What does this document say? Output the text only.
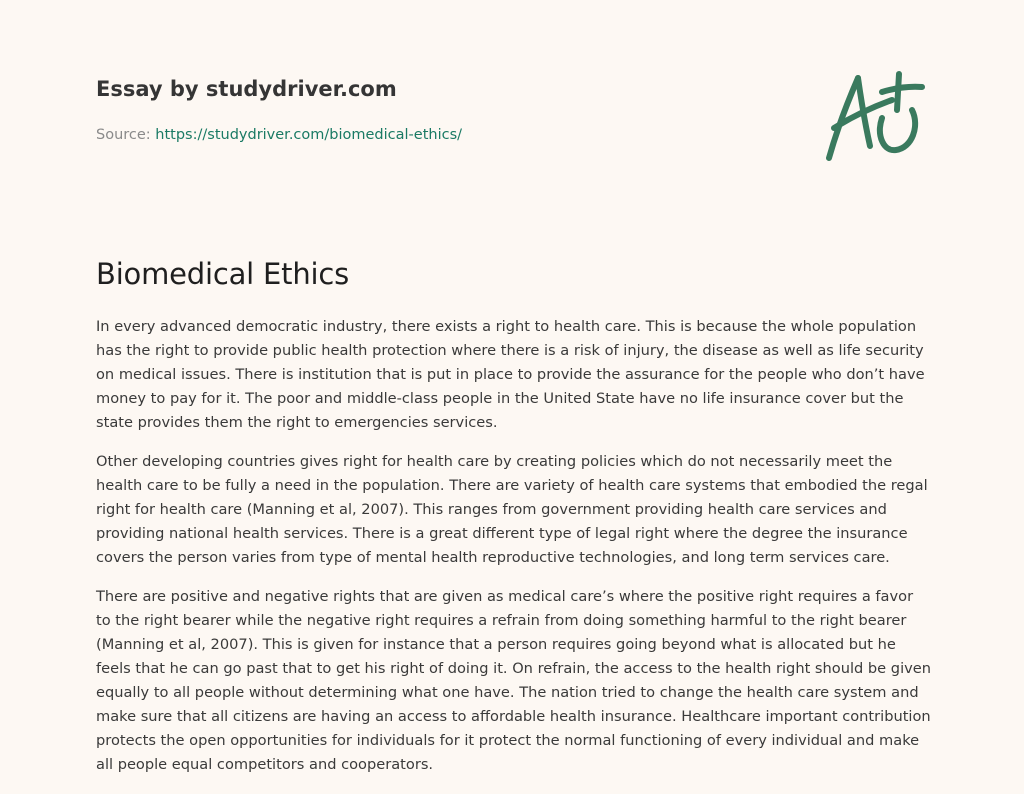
Essay by studydriver.com
Source: https://studydriver.com/biomedical-ethics/
Biomedical Ethics

In every advanced democratic industry, there exists a right to health care. This is because the whole population has the right to provide public health protection where there is a risk of injury, the disease as well as life security on medical issues. There is institution that is put in place to provide the assurance for the people who don’t have money to pay for it. The poor and middle-class people in the United State have no life insurance cover but the state provides them the right to emergencies services.

Other developing countries gives right for health care by creating policies which do not necessarily meet the health care to be fully a need in the population. There are variety of health care systems that embodied the regal right for health care (Manning et al, 2007). This ranges from government providing health care services and providing national health services. There is a great different type of legal right where the degree the insurance covers the person varies from type of mental health reproductive technologies, and long term services care.

There are positive and negative rights that are given as medical care’s where the positive right requires a favor to the right bearer while the negative right requires a refrain from doing something harmful to the right bearer (Manning et al, 2007). This is given for instance that a person requires going beyond what is allocated but he feels that he can go past that to get his right of doing it. On refrain, the access to the health right should be given equally to all people without determining what one have. The nation tried to change the health care system and make sure that all citizens are having an access to affordable health insurance. Healthcare important contribution protects the open opportunities for individuals for it protect the normal functioning of every individual and make all people equal competitors and cooperators.
